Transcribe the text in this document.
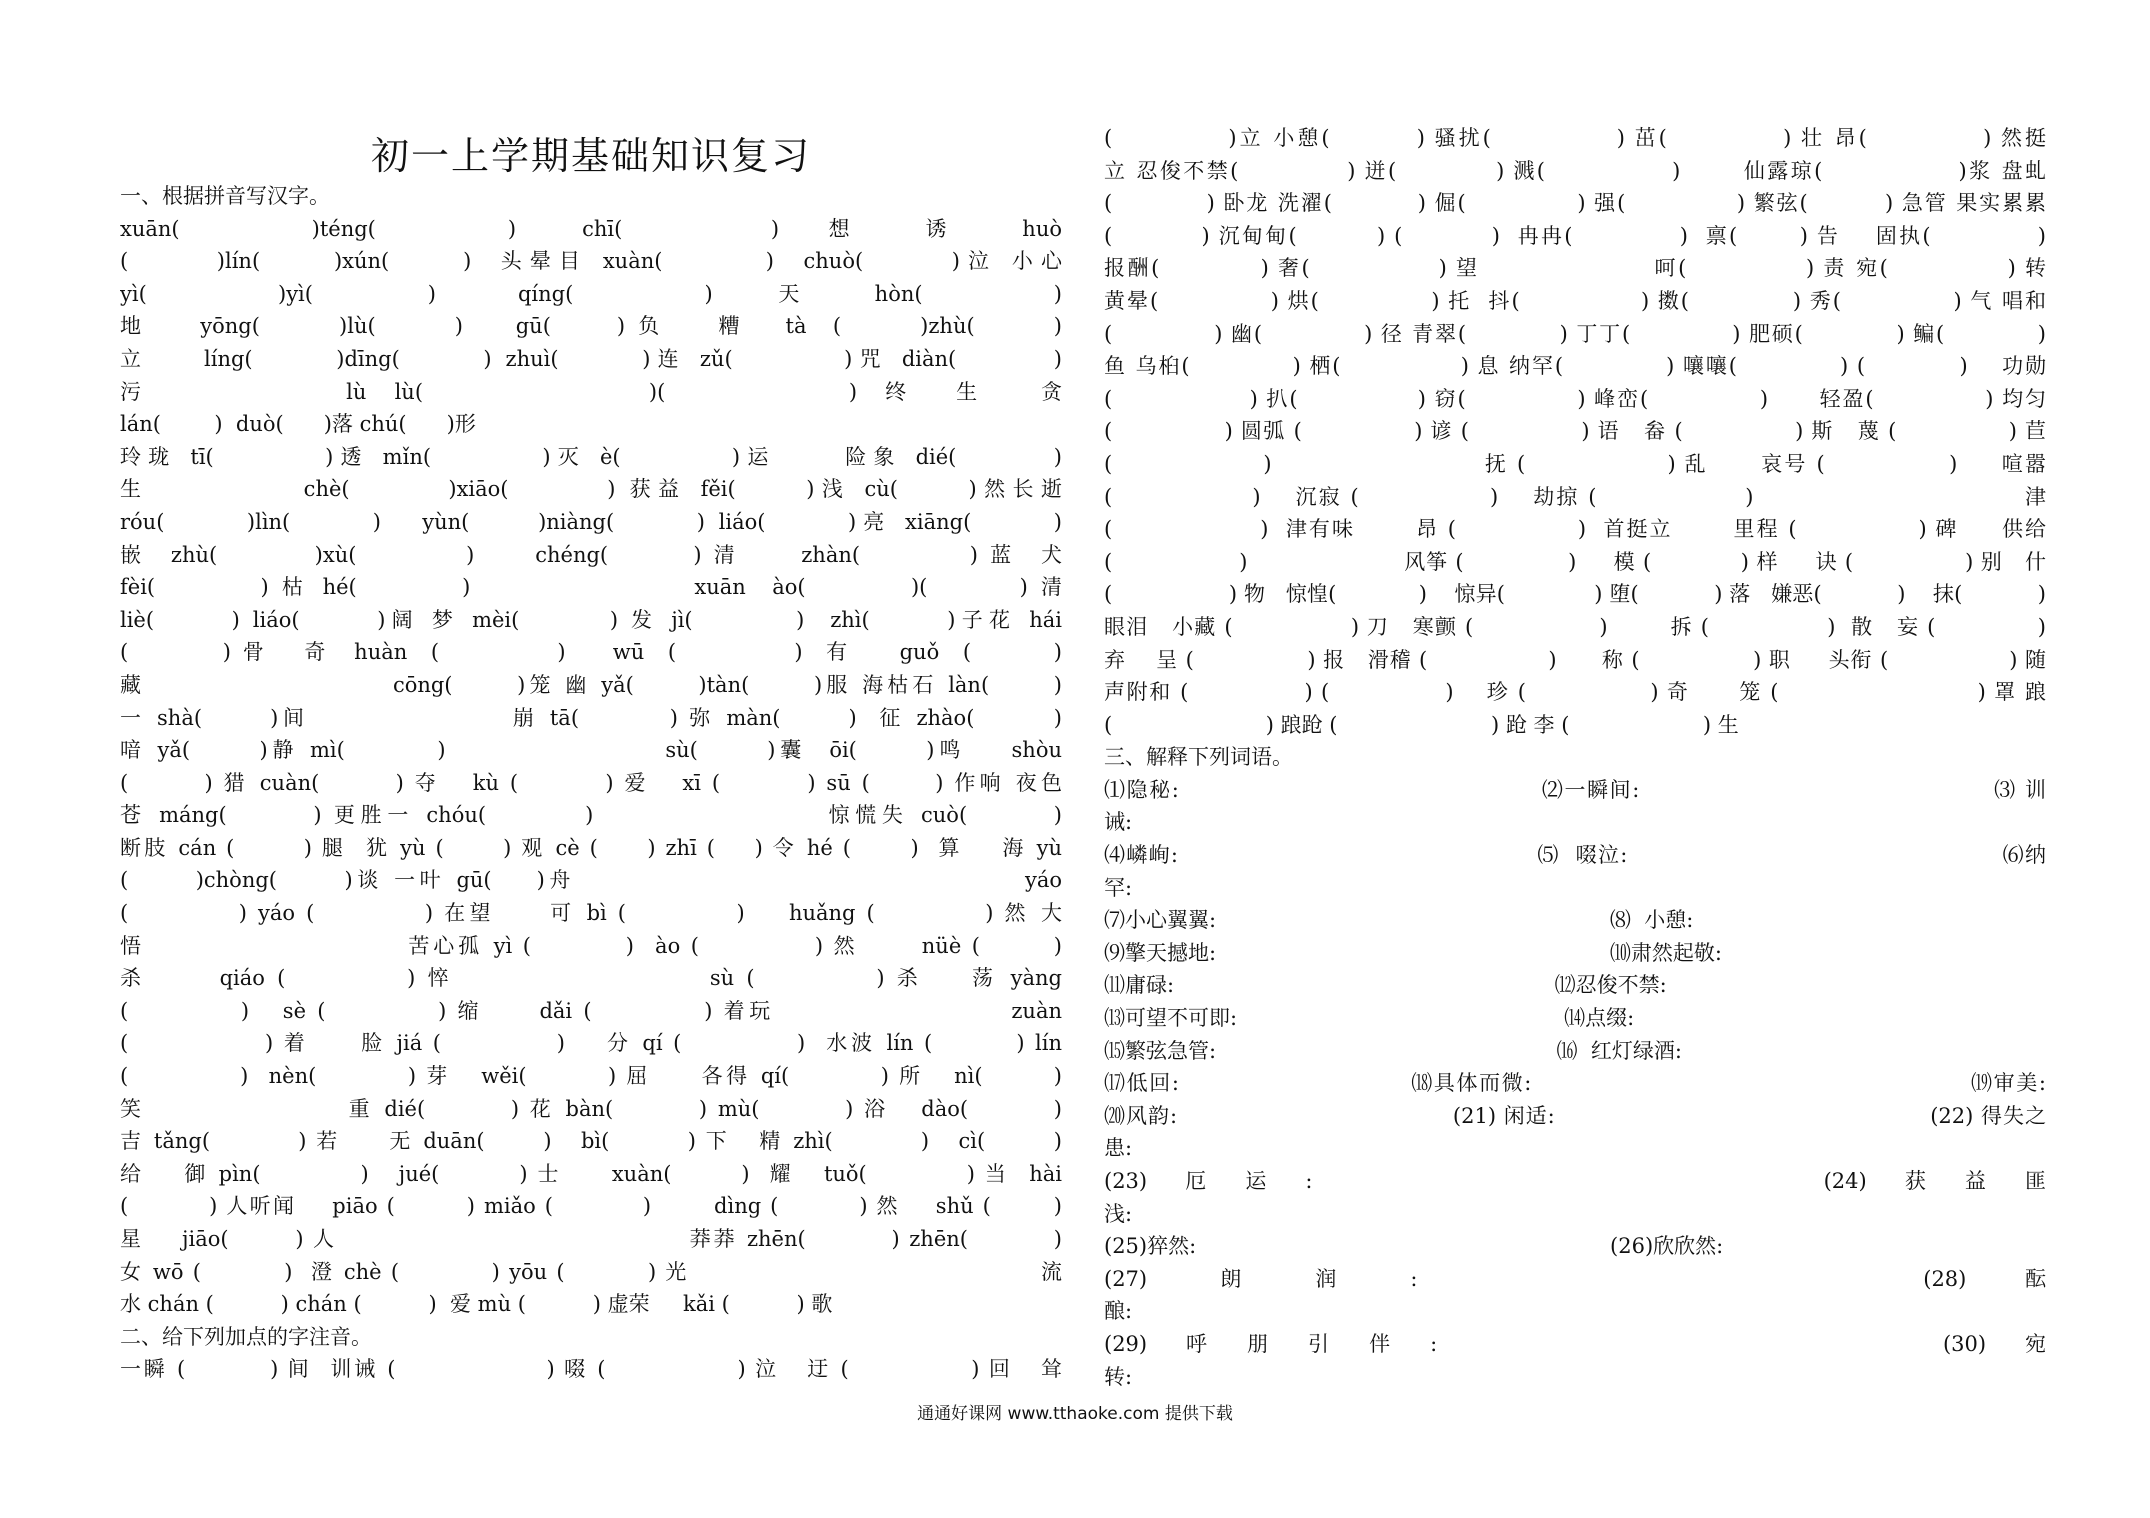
初一上学期基础知识复习
一、根据拼音写汉字。
xuān(        )téng(        )    chī(         )   想    诱    huò
(      )lín(     )xún(     )  头晕目 xuàn(       )  chuò(      )泣 小心
yì(        )yì(       )     qíng(        )    天    hòn(        )
地    yōng(      )lù(      )    gū(     ) 负    糟   tà  (      )zhù(      )
立    líng(      )dīng(      ) zhuì(      )连 zǔ(        )咒 diàn(       )
污              lù  lù(                )(             )  终   生    贪
lán(        )  duò(      )落 chú(      )形
玲珑 tī(        )透 mǐn(        )灭 è(        )运     险象 dié(       )
生           chè(       )xiāo(       ) 获益 fěi(     )浅 cù(     )然长逝
róu(      )lìn(      )   yùn(     )niàng(      ) liáo(      )亮 xiāng(      )
嵌  zhù(        )xù(         )     chéng(       ) 清     zhàn(         ) 蓝  犬
fèi(        ) 枯 hé(        )                 xuān  ào(        )(       ) 清
liè(      ) liáo(      )阔 梦 mèi(       ) 发 jì(        )  zhì(      )子花 hái
(        ) 骨   奇  huàn  (          )    wū  (          )  有    guǒ  (       )
藏                       cōng(      )笼 幽 yǎ(      )tàn(      )服 海枯石 làn(      )
一 shà(      )间                  崩 tā(        ) 弥 màn(      )  征 zhào(       )
喑 yǎ(      )静 mì(        )                   sù(      )囊  ōi(      )鸣    shòu
(       ) 猎 cuàn(       ) 夺   kù (        ) 爱   xī (        ) sū (      ) 作响 夜色
苍 máng(       ) 更胜一 chóu(        )                   惊慌失 cuò(       )
断肢 cán (       ) 腿  犹 yù (      ) 观 cè (     ) zhī (    ) 令 hé (      )  算    海 yù
(      )chòng(      )谈 一叶 gū(    )舟                                        yáo
(          ) yáo (          ) 在望     可 bì (          )    huǎng (          ) 然 大
悟                         苦心孤 yì (         )  ào (           ) 然      nüè (       )
杀      qiáo (          ) 悴                     sù (          ) 杀    荡 yàng
(          )   sè (          ) 缩     dǎi (          ) 着玩                     zuàn
(             ) 着     脸 jiá (           )    分 qí (           )  水波 lín (        ) lín
(           )  nèn(         ) 芽   wěi(        ) 屈     各得 qí(         ) 所   nì(       )
笑                   重 dié(        ) 花 bàn(        ) mù(        ) 浴   dào(        )
吉 tǎng(         ) 若     无 duān(      )   bì(        ) 下   精 zhì(         )   cì(       )
给    御 pìn(          )   jué(        ) 士     xuàn(       )  耀   tuǒ(          ) 当  hài
(         ) 人听闻    piāo (        ) miǎo (          )       dìng (         ) 然    shǔ (       )
星    jiāo(       ) 人                                     莽莽 zhēn(         ) zhēn(         )
女 wō (         )  澄 chè (          ) yōu (         ) 光                                      流
水 chán (          ) chán (          )  爱 mù (          ) 虚荣     kǎi (          ) 歌
二、给下列加点的字注音。
一瞬 (         ) 间  训诫 (                ) 啜 (              ) 泣   迂 (             ) 回   耸
(            )立 小憩(         ) 骚扰(             ) 茁(            ) 壮 昂(            ) 然挺
立 忍俊不禁(            ) 迸(           ) 溅(              )       仙露琼(               )浆 盘虬
(           ) 卧龙 洗濯(          ) 倔(             ) 强(             ) 繁弦(         ) 急管 果实累累
(          ) 沉甸甸(         ) (          )  冉冉(            )  禀(       ) 告    固执(            )
报酬(           ) 奢(              ) 望                   呵(             ) 责 宛(             ) 转
黄晕(             ) 烘(             ) 托  抖(              ) 擞(            ) 秀(             ) 气 唱和
(            ) 幽(            ) 径 青翠(           ) 丁丁(            ) 肥硕(           ) 鳊(           )
鱼 乌桕(            ) 栖(              ) 息 纳罕(            ) 嚷嚷(            ) (           )    功勋
(                ) 扒(              ) 窃(             ) 峰峦(             )      轻盈(             ) 均匀
(              ) 圆弧 (              ) 谚 (              ) 语   畚 (              ) 斯   蔑 (              ) 苣
(                 )                        抚 (                ) 乱      哀号 (              )     喧嚣
(                )    沉寂 (               )    劫掠 (                 )                               津
(                 )  津有味       昂 (              )  首挺立       里程 (              ) 碑     供给
(                 )                     风筝 (              )     模 (            ) 样     诀 (               ) 别   什
(                 ) 物   惊惶(            )    惊异(             ) 堕(           ) 落   嫌恶(           )    抹(           )
眼泪   小藏 (               ) 刀   寒颤 (                )        拆 (               )  散   妄 (             )
弃    呈 (               ) 报   滑稽 (                )      称 (               ) 职     头衔 (                ) 随
声附和 (              ) (              )    珍 (               ) 奇      笼 (                        ) 罩 踉
(                       ) 踉跄 (                       ) 跄 李 (                    ) 生
三、解释下列词语。
⑴隐秘:                                            ⑵一瞬间:                                           ⑶ 训
诫:
⑷嶙峋:                                             ⑸  啜泣:                                               ⑹纳
罕:
⑺小心翼翼:                                                           ⑻  小憩:
⑼擎天撼地:                                                           ⑽肃然起敬:
⑾庸碌:                                                         ⑿忍俊不禁:
⒀可望不可即:                                                 ⒁点缀:
⒂繁弦急管:                                                   ⒃  红灯绿酒:
⒄低回:                            ⒅具体而微:                                                     ⒆审美:
⒇风韵:                                    (21) 闲适:                                                 (22) 得失之
患:
(23)     厄     运     :                                                                   (24)     获     益     匪
浅:
(25)猝然:                                                              (26)欣欣然:
(27)          朗          润          :                                                                     (28)        酝
酿:
(29)     呼     朋     引     伴     :                                                                 (30)     宛
转:
通通好课网 www.tthaoke.com 提供下载
